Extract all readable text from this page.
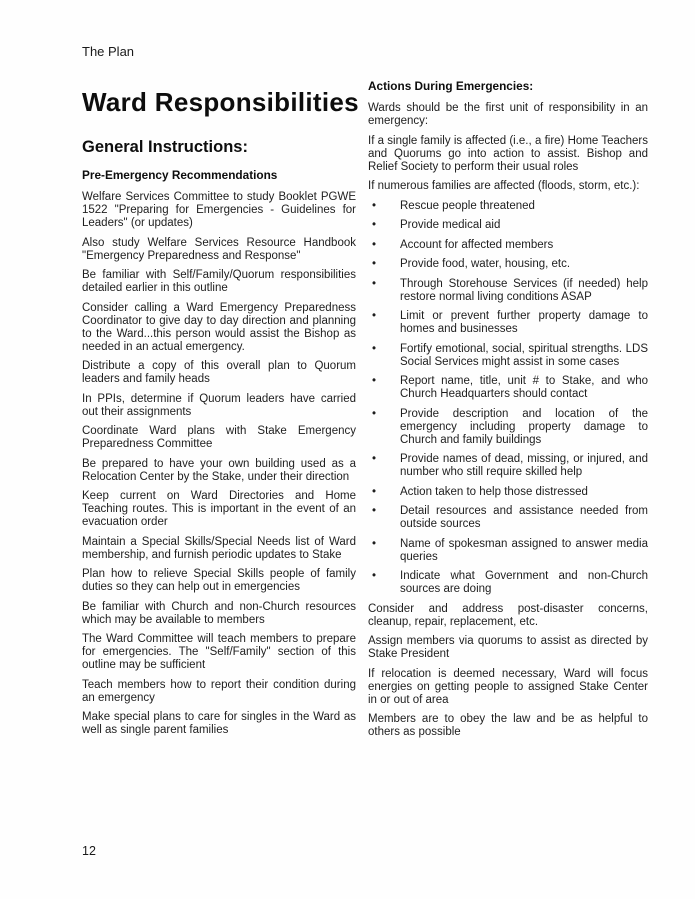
The Plan
Ward Responsibilities
General Instructions:
Pre-Emergency Recommendations

Welfare Services Committee to study Booklet PGWE 1522 "Preparing for Emergencies - Guidelines for Leaders" (or updates)

Also study Welfare Services Resource Handbook "Emergency Preparedness and Response"

Be familiar with Self/Family/Quorum responsibilities detailed earlier in this outline

Consider calling a Ward Emergency Preparedness Coordinator to give day to day direction and planning to the Ward...this person would assist the Bishop as needed in an actual emergency.

Distribute a copy of this overall plan to Quorum leaders and family heads

In PPIs, determine if Quorum leaders have carried out their assignments

Coordinate Ward plans with Stake Emergency Preparedness Committee

Be prepared to have your own building used as a Relocation Center by the Stake, under their direction

Keep current on Ward Directories and Home Teaching routes. This is important in the event of an evacuation order

Maintain a Special Skills/Special Needs list of Ward membership, and furnish periodic updates to Stake

Plan how to relieve Special Skills people of family duties so they can help out in emergencies

Be familiar with Church and non-Church resources which may be available to members

The Ward Committee will teach members to prepare for emergencies. The "Self/Family" section of this outline may be sufficient

Teach members how to report their condition during an emergency

Make special plans to care for singles in the Ward as well as single parent families

Actions During Emergencies:

Wards should be the first unit of responsibility in an emergency:

If a single family is affected (i.e., a fire) Home Teachers and Quorums go into action to assist. Bishop and Relief Society to perform their usual roles

If numerous families are affected (floods, storm, etc.):

•	Rescue people threatened
•	Provide medical aid
•	Account for affected members
•	Provide food, water, housing, etc.
•	Through Storehouse Services (if needed) help restore normal living conditions ASAP
•	Limit or prevent further property damage to homes and businesses
•	Fortify emotional, social, spiritual strengths. LDS Social Services might assist in some cases
•	Report name, title, unit # to Stake, and who Church Headquarters should contact
•	Provide description and location of the emergency including property damage to Church and family buildings
•	Provide names of dead, missing, or injured, and number who still require skilled help
•	Action taken to help those distressed
•	Detail resources and assistance needed from outside sources
•	Name of spokesman assigned to answer media queries
•	Indicate what Government and non-Church sources are doing

Consider and address post-disaster concerns, cleanup, repair, replacement, etc.

Assign members via quorums to assist as directed by Stake President

If relocation is deemed necessary, Ward will focus energies on getting people to assigned Stake Center in or out of area

Members are to obey the law and be as helpful to others as possible

12
